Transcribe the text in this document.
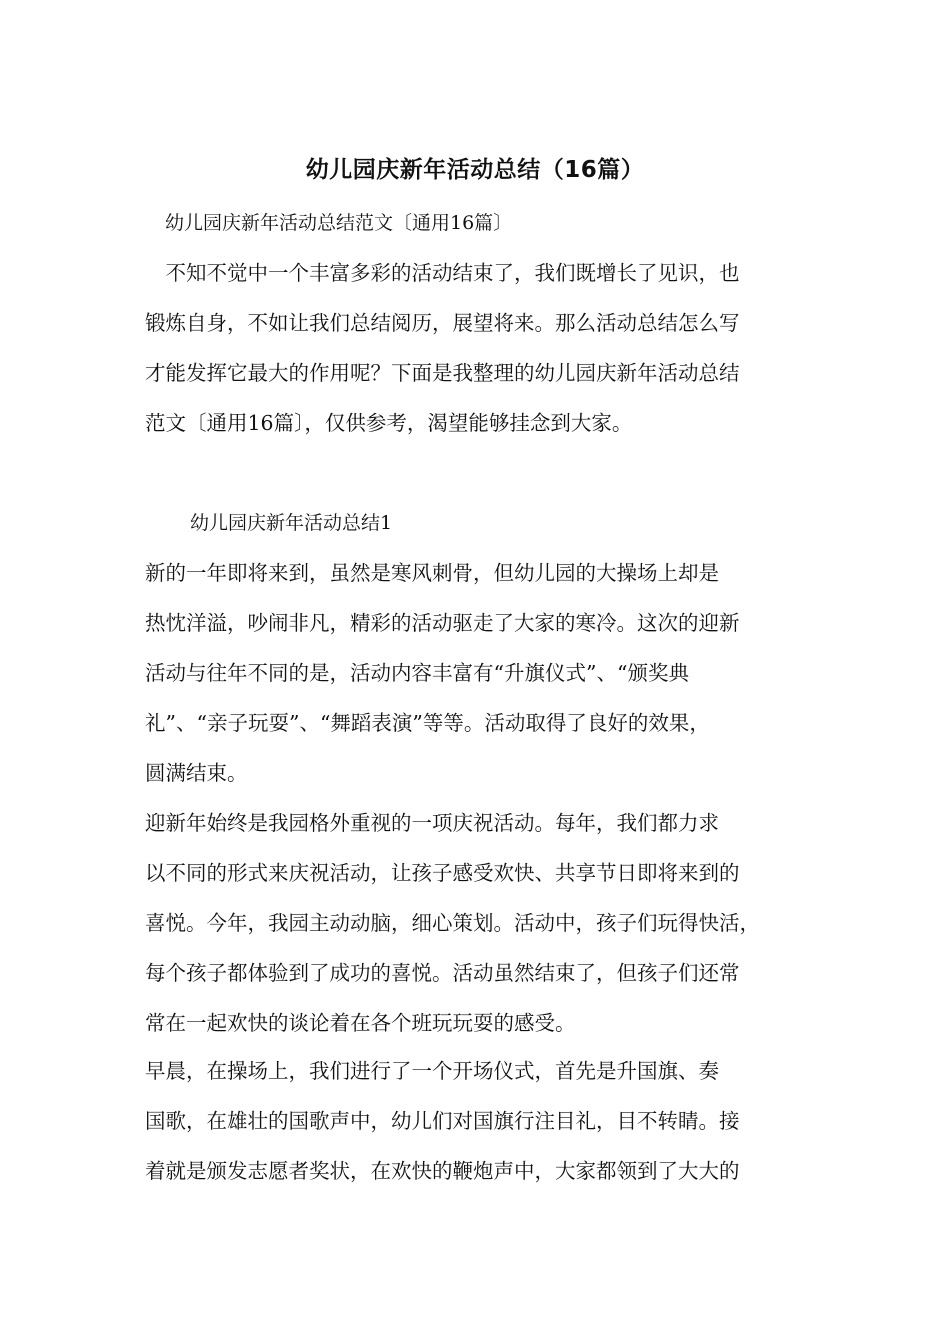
幼儿园庆新年活动总结（16篇）
幼儿园庆新年活动总结范文〔通用16篇〕

　不知不觉中一个丰富多彩的活动结束了，我们既增长了见识，也
锻炼自身，不如让我们总结阅历，展望将来。那么活动总结怎么写
才能发挥它最大的作用呢？下面是我整理的幼儿园庆新年活动总结
范文〔通用16篇〕，仅供参考，渴望能够挂念到大家。

幼儿园庆新年活动总结1

新的一年即将来到，虽然是寒风刺骨，但幼儿园的大操场上却是
热忱洋溢，吵闹非凡，精彩的活动驱走了大家的寒冷。这次的迎新
活动与往年不同的是，活动内容丰富有“升旗仪式”、“颁奖典
礼”、“亲子玩耍”、“舞蹈表演”等等。活动取得了良好的效果，
圆满结束。

迎新年始终是我园格外重视的一项庆祝活动。每年，我们都力求
以不同的形式来庆祝活动，让孩子感受欢快、共享节日即将来到的
喜悦。今年，我园主动动脑，细心策划。活动中，孩子们玩得快活，
每个孩子都体验到了成功的喜悦。活动虽然结束了，但孩子们还常
常在一起欢快的谈论着在各个班玩玩耍的感受。

早晨，在操场上，我们进行了一个开场仪式，首先是升国旗、奏
国歌，在雄壮的国歌声中，幼儿们对国旗行注目礼，目不转睛。接
着就是颁发志愿者奖状，在欢快的鞭炮声中，大家都领到了大大的
